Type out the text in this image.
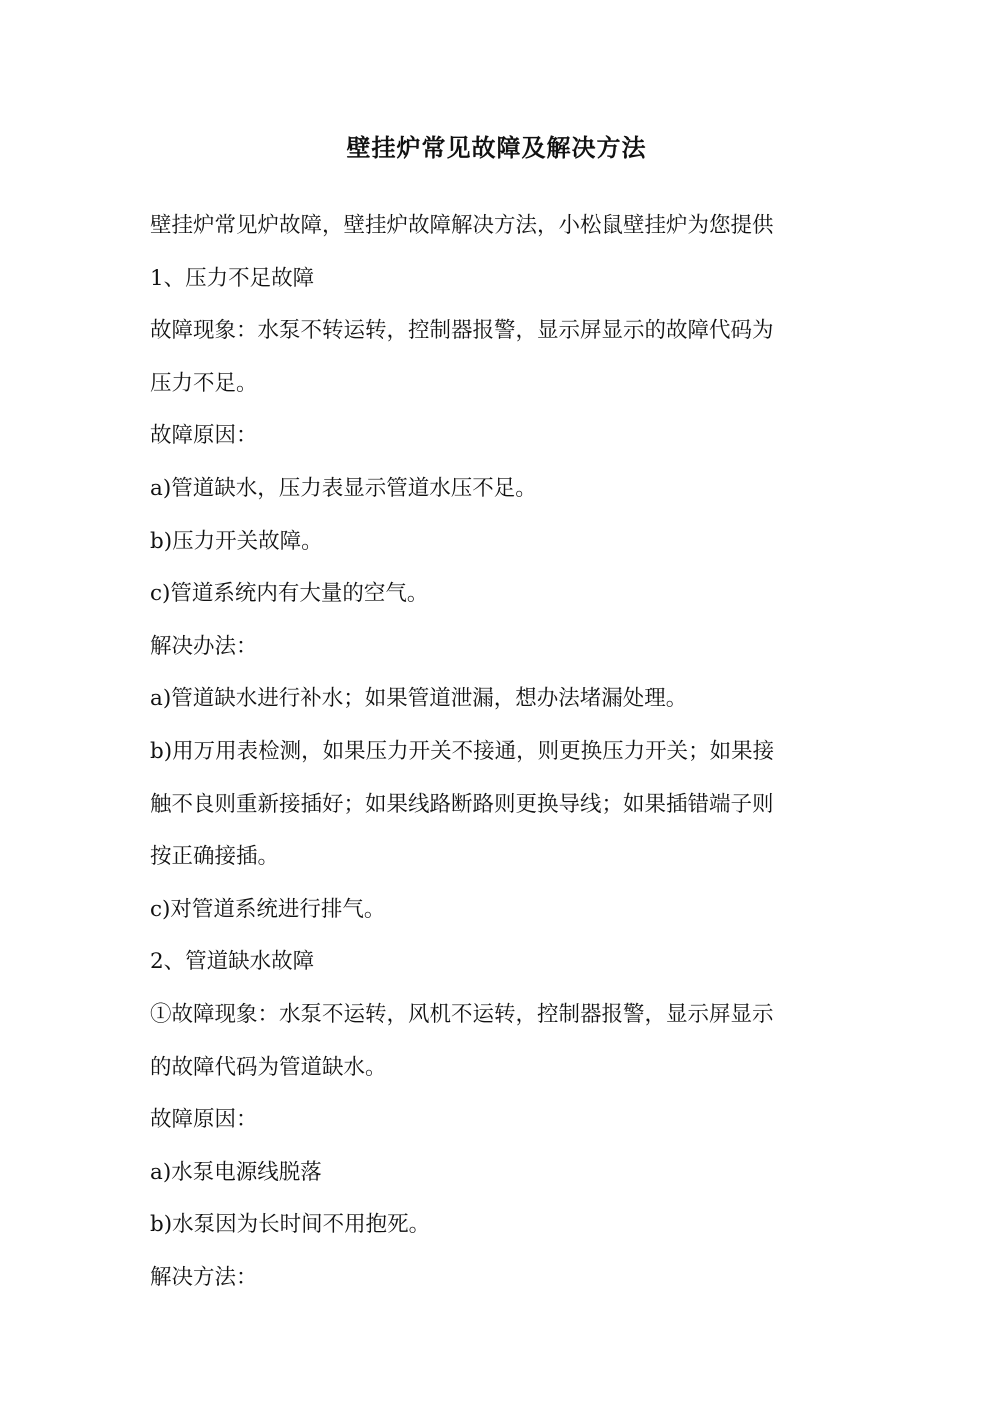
壁挂炉常见故障及解决方法
壁挂炉常见炉故障，壁挂炉故障解决方法，小松鼠壁挂炉为您提供
1、压力不足故障
故障现象：水泵不转运转，控制器报警，显示屏显示的故障代码为
压力不足。
故障原因：
a)管道缺水，压力表显示管道水压不足。
b)压力开关故障。
c)管道系统内有大量的空气。
解决办法：
a)管道缺水进行补水；如果管道泄漏，想办法堵漏处理。
b)用万用表检测，如果压力开关不接通，则更换压力开关；如果接
触不良则重新接插好；如果线路断路则更换导线；如果插错端子则
按正确接插。
c)对管道系统进行排气。
2、管道缺水故障
①故障现象：水泵不运转，风机不运转，控制器报警，显示屏显示
的故障代码为管道缺水。
故障原因：
a)水泵电源线脱落
b)水泵因为长时间不用抱死。
解决方法：
